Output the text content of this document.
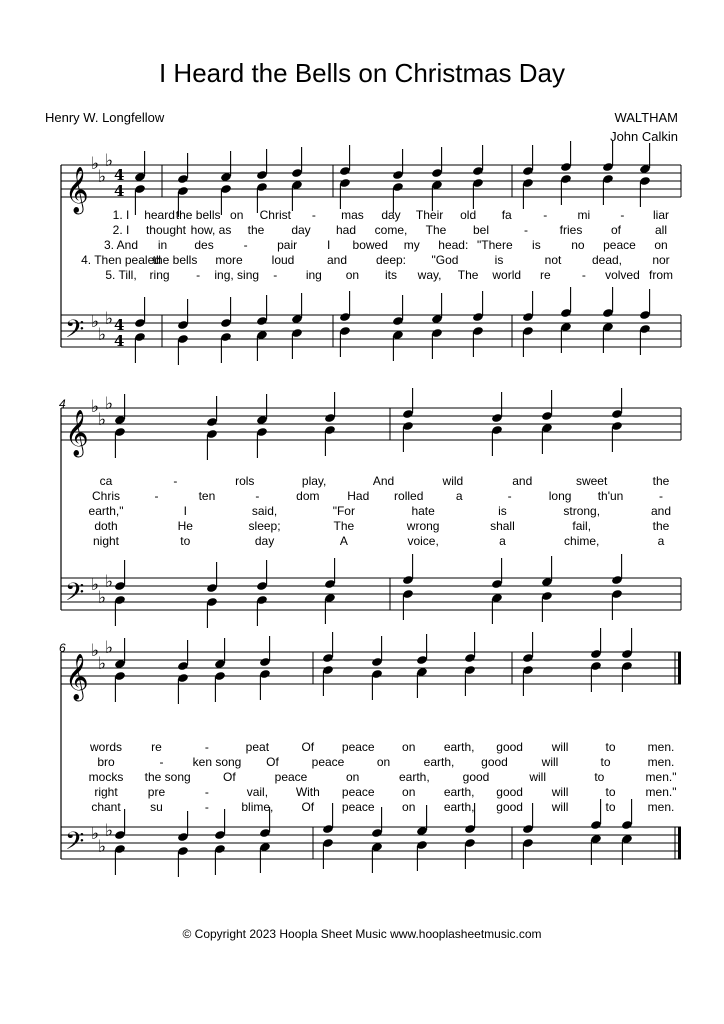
I Heard the Bells on Christmas Day
Henry W. Longfellow	WALTHAM
John Calkin
4
6
𝄞
𝄢
♭
♭
♭
♭
♭
♭
4
4
4
4
𝄞
𝄢
♭
♭
♭
♭
♭
♭
𝄞
𝄢
♭
♭
♭
♭
♭
♭
1. I heard the bells on Christ - mas day Their old fa	-	mi	- liar
2. I thought how, as the day had come, The bel	-	fries of	all
3. And in des - pair I bowed my head: "There is	no peace on
4. Then pealed
the bells more loud	and deep: "God	is	not	dead,	nor
5. Till, ring - ing, sing - ing on its way, The world re	- volved from
ca	-	rols	play,	And	wild	and	sweet	the
Chris	-	ten	-	dom Had rolled	a	-	long th'un	-
earth,"	I	said,	"For	hate	is	strong,	and
doth	He	sleep;	The	wrong	shall	fail,	the
night	to	day	A	voice,	a	chime,	a
words re	-	peat	Of peace on earth, good will	to	men.
bro	- ken song Of	peace	on	earth, good	will	to	men.
mocks the song	Of	peace	on	earth,	good	will	to	men."
right	pre	-	vail, With peace on earth, good will	to men."
chant su	-	blime, Of peace on earth, good will	to	men.
© Copyright 2023 Hoopla Sheet Music www.hooplasheetmusic.com
